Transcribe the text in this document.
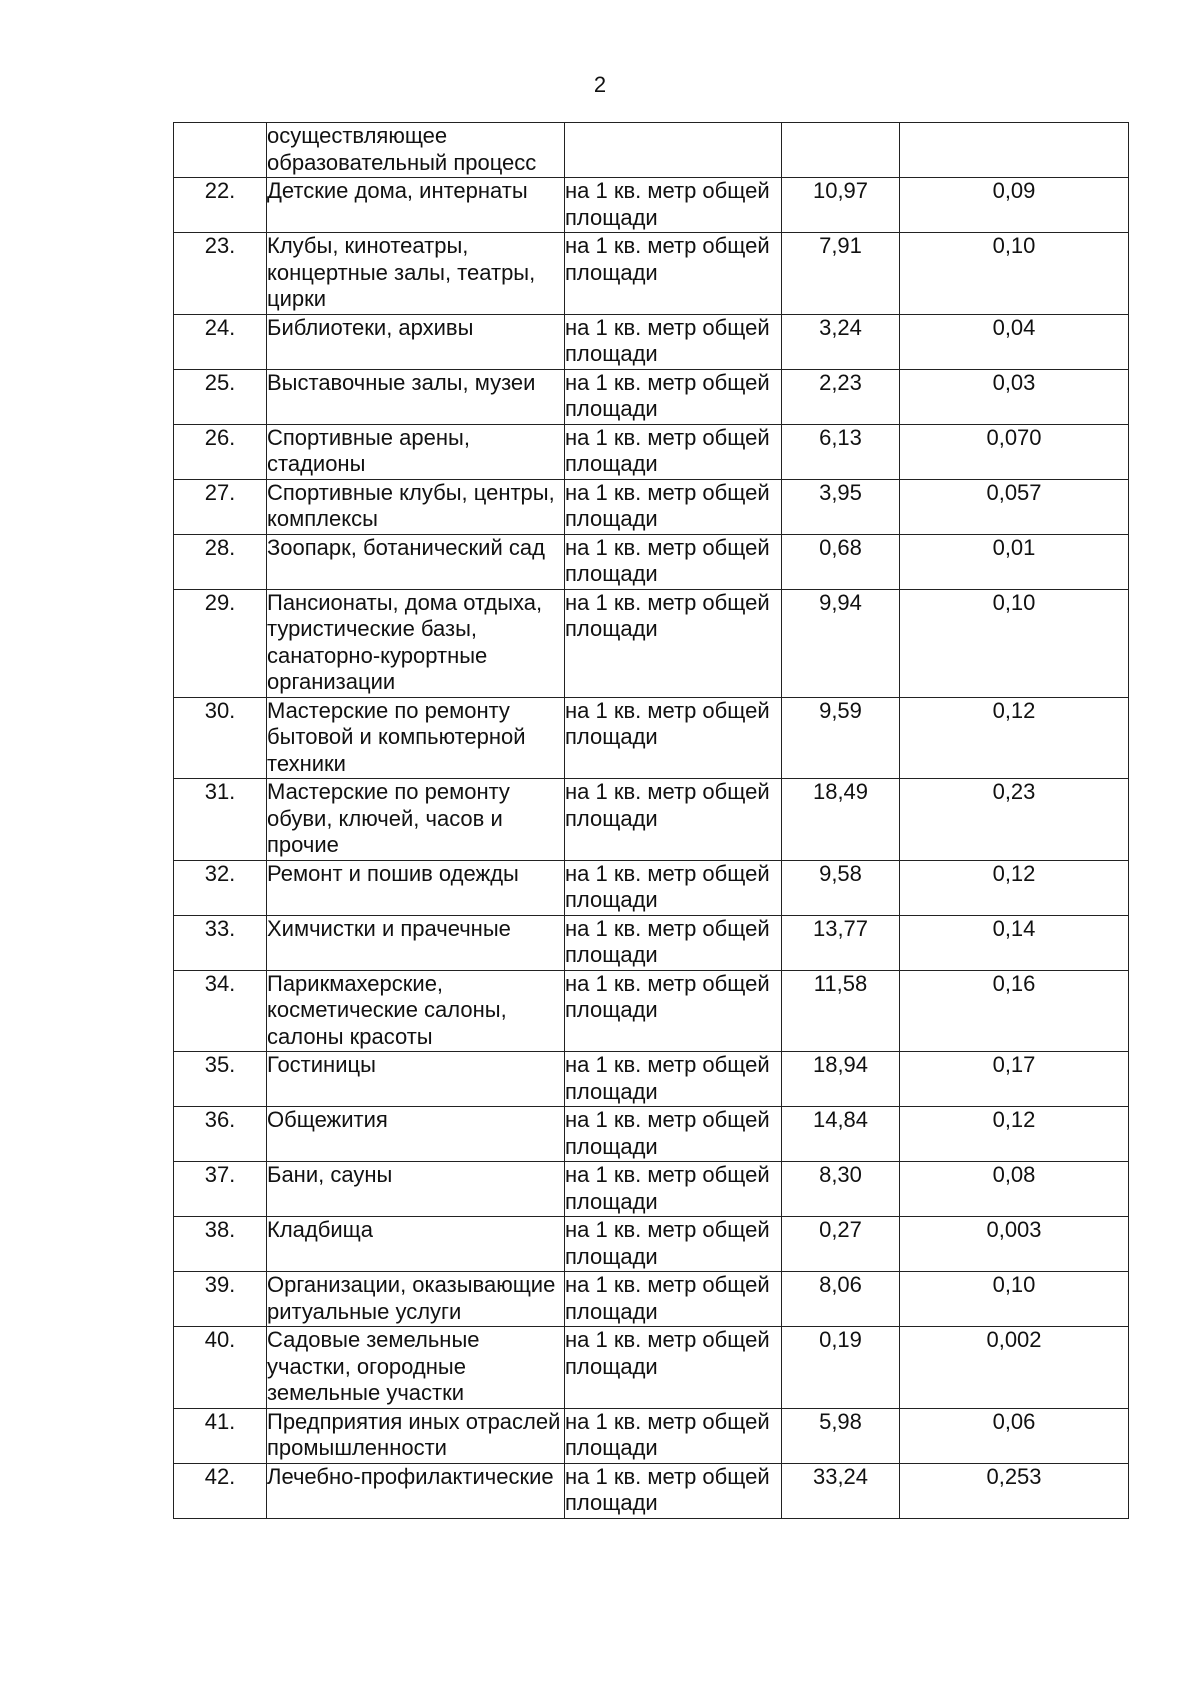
2
	осуществляющее образовательный процесс			
22.	Детские дома, интернаты	на 1 кв. метр общей площади	10,97	0,09
23.	Клубы, кинотеатры, концертные залы, театры, цирки	на 1 кв. метр общей площади	7,91	0,10
24.	Библиотеки, архивы	на 1 кв. метр общей площади	3,24	0,04
25.	Выставочные залы, музеи	на 1 кв. метр общей площади	2,23	0,03
26.	Спортивные арены, стадионы	на 1 кв. метр общей площади	6,13	0,070
27.	Спортивные клубы, центры, комплексы	на 1 кв. метр общей площади	3,95	0,057
28.	Зоопарк, ботанический сад	на 1 кв. метр общей площади	0,68	0,01
29.	Пансионаты, дома отдыха, туристические базы, санаторно-курортные организации	на 1 кв. метр общей площади	9,94	0,10
30.	Мастерские по ремонту бытовой и компьютерной техники	на 1 кв. метр общей площади	9,59	0,12
31.	Мастерские по ремонту обуви, ключей, часов и прочие	на 1 кв. метр общей площади	18,49	0,23
32.	Ремонт и пошив одежды	на 1 кв. метр общей площади	9,58	0,12
33.	Химчистки и прачечные	на 1 кв. метр общей площади	13,77	0,14
34.	Парикмахерские, косметические салоны, салоны красоты	на 1 кв. метр общей площади	11,58	0,16
35.	Гостиницы	на 1 кв. метр общей площади	18,94	0,17
36.	Общежития	на 1 кв. метр общей площади	14,84	0,12
37.	Бани, сауны	на 1 кв. метр общей площади	8,30	0,08
38.	Кладбища	на 1 кв. метр общей площади	0,27	0,003
39.	Организации, оказывающие ритуальные услуги	на 1 кв. метр общей площади	8,06	0,10
40.	Садовые земельные участки, огородные земельные участки	на 1 кв. метр общей площади	0,19	0,002
41.	Предприятия иных отраслей промышленности	на 1 кв. метр общей площади	5,98	0,06
42.	Лечебно-профилактические	на 1 кв. метр общей площади	33,24	0,253
